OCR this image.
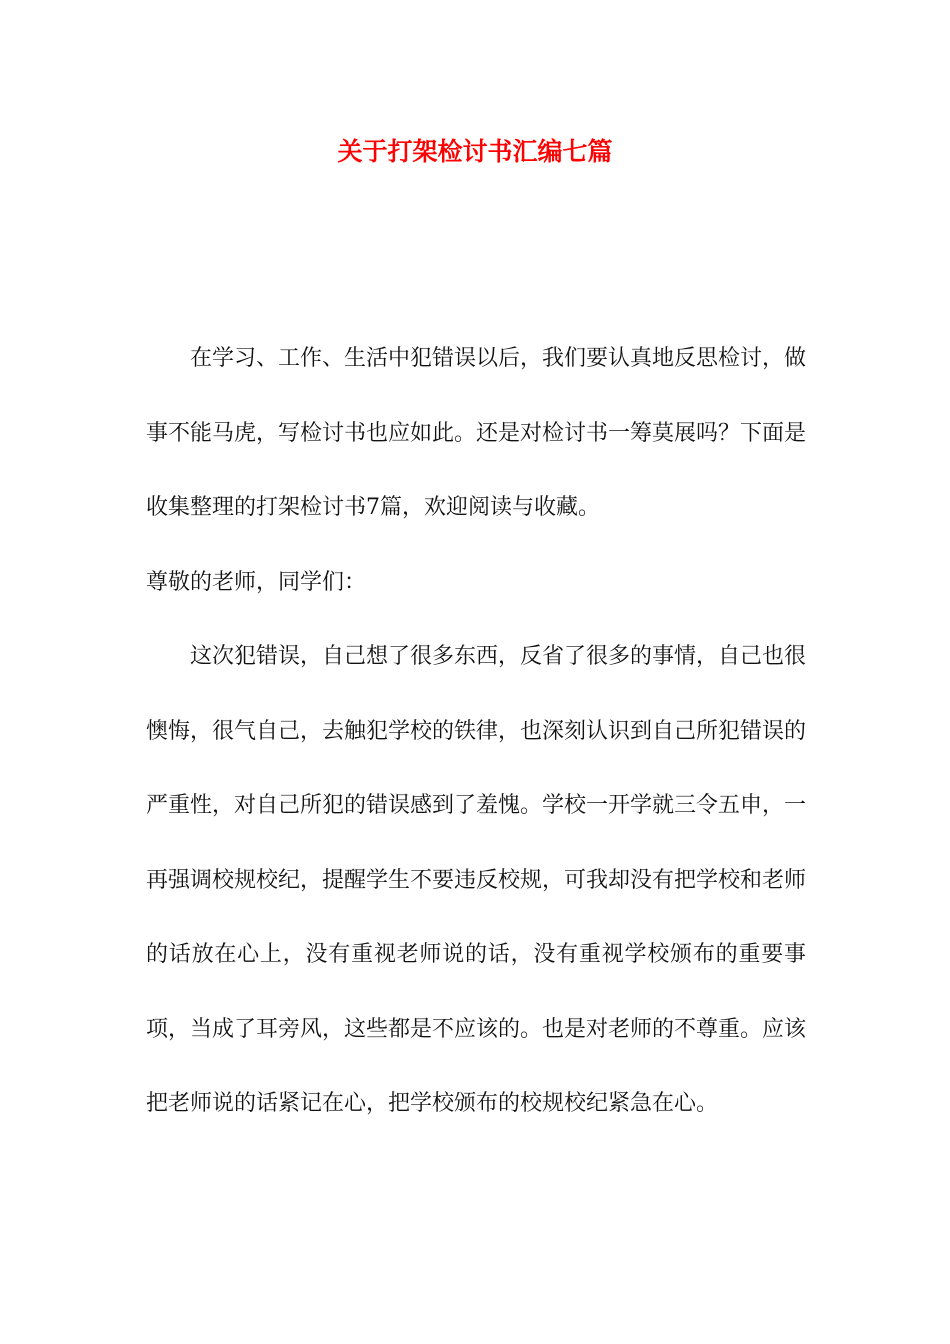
关于打架检讨书汇编七篇

在学习、工作、生活中犯错误以后，我们要认真地反思检讨，做事不能马虎，写检讨书也应如此。还是对检讨书一筹莫展吗？下面是收集整理的打架检讨书7篇，欢迎阅读与收藏。

尊敬的老师，同学们：

这次犯错误，自己想了很多东西，反省了很多的事情，自己也很懊悔，很气自己，去触犯学校的铁律，也深刻认识到自己所犯错误的严重性，对自己所犯的错误感到了羞愧。学校一开学就三令五申，一再强调校规校纪，提醒学生不要违反校规，可我却没有把学校和老师的话放在心上，没有重视老师说的话，没有重视学校颁布的重要事项，当成了耳旁风，这些都是不应该的。也是对老师的不尊重。应该把老师说的话紧记在心，把学校颁布的校规校纪紧急在心。
